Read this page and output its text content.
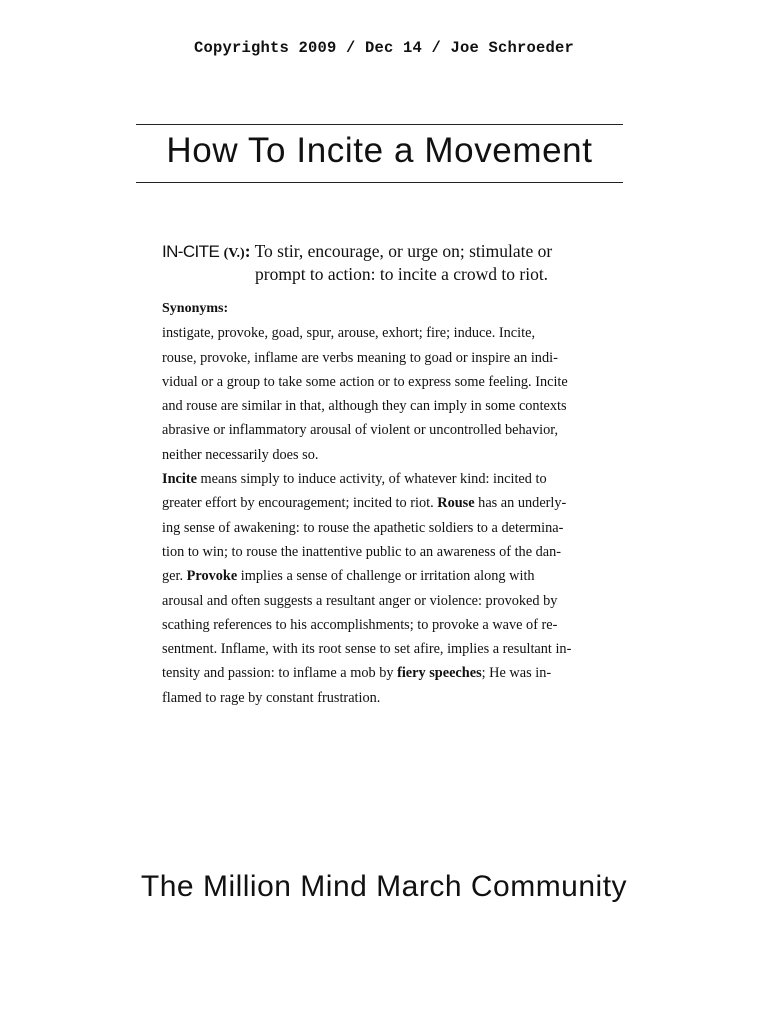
Copyrights 2009 / Dec 14 / Joe Schroeder
How To Incite a Movement
IN-CITE (V.): To stir, encourage, or urge on; stimulate or
prompt to action: to incite a crowd to riot.

Synonyms:
instigate, provoke, goad, spur, arouse, exhort; fire; induce. Incite,
rouse, provoke, inflame are verbs meaning to goad or inspire an indi-
vidual or a group to take some action or to express some feeling. Incite
and rouse are similar in that, although they can imply in some contexts
abrasive or inflammatory arousal of violent or uncontrolled behavior,
neither necessarily does so.

Incite means simply to induce activity, of whatever kind: incited to
greater effort by encouragement; incited to riot. Rouse has an underly-
ing sense of awakening: to rouse the apathetic soldiers to a determina-
tion to win; to rouse the inattentive public to an awareness of the dan-
ger. Provoke implies a sense of challenge or irritation along with
arousal and often suggests a resultant anger or violence: provoked by
scathing references to his accomplishments; to provoke a wave of re-
sentment. Inflame, with its root sense to set afire, implies a resultant in-
tensity and passion: to inflame a mob by fiery speeches; He was in-
flamed to rage by constant frustration.

The Million Mind March Community
